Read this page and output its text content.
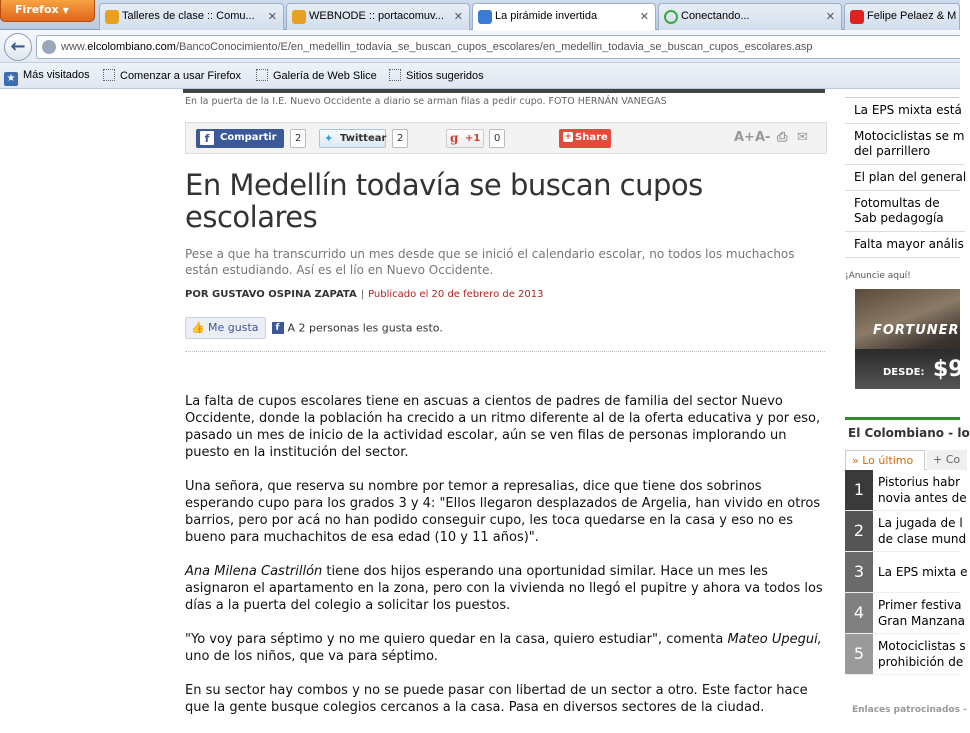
Firefox ▼	Talleres de clase :: Comu... ✕	WEBNODE :: portacomuv... ✕	La pirámide invertida	✕	Conectando...	✕	Felipe Pelaez & M
←	www.elcolombiano.com/BancoConocimiento/E/en_medellin_todavia_se_buscan_cupos_escolares/en_medellin_todavia_se_buscan_cupos_escolares.asp
★ Más visitados	Comenzar a usar Firefox	Galería de Web Slice	Sitios sugeridos
En la puerta de la I.E. Nuevo Occidente a diario se arman filas a pedir cupo. FOTO HERNÁN VANEGAS
f	Compartir	2	✦ Twittear	2	g +1	0	+ Share	A+ A- ⎙ ✉
En Medellín todavía se buscan cupos escolares
Pese a que ha transcurrido un mes desde que se inició el calendario escolar, no todos los muchachos están estudiando. Así es el lío en Nuevo Occidente.
POR GUSTAVO OSPINA ZAPATA | Publicado el 20 de febrero de 2013
👍 Me gusta f A 2 personas les gusta esto.

La falta de cupos escolares tiene en ascuas a cientos de padres de familia del sector Nuevo Occidente, donde la población ha crecido a un ritmo diferente al de la oferta educativa y por eso, pasado un mes de inicio de la actividad escolar, aún se ven filas de personas implorando un puesto en la institución del sector.

Una señora, que reserva su nombre por temor a represalias, dice que tiene dos sobrinos esperando cupo para los grados 3 y 4: "Ellos llegaron desplazados de Argelia, han vivido en otros barrios, pero por acá no han podido conseguir cupo, les toca quedarse en la casa y eso no es bueno para muchachitos de esa edad (10 y 11 años)".

Ana Milena Castrillón tiene dos hijos esperando una oportunidad similar. Hace un mes les asignaron el apartamento en la zona, pero con la vivienda no llegó el pupitre y ahora va todos los días a la puerta del colegio a solicitar los puestos.

"Yo voy para séptimo y no me quiero quedar en la casa, quiero estudiar", comenta Mateo Upegui, uno de los niños, que va para séptimo.

En su sector hay combos y no se puede pasar con libertad de un sector a otro. Este factor hace que la gente busque colegios cercanos a la casa. Pasa en diversos sectores de la ciudad.

La EPS mixta está
Motociclistas se m del parrillero
El plan del general
Fotomultas de Sab pedagogía
Falta mayor anális
¡Anuncie aquí!
FORTUNER
DESDE: $9
El Colombiano - lo
» Lo último	+ Co
1	Pistorius habr novia antes de
2	La jugada de l de clase mund
3	La EPS mixta e
4	Primer festiva Gran Manzana
5	Motociclistas s prohibición de
Enlaces patrocinados -
